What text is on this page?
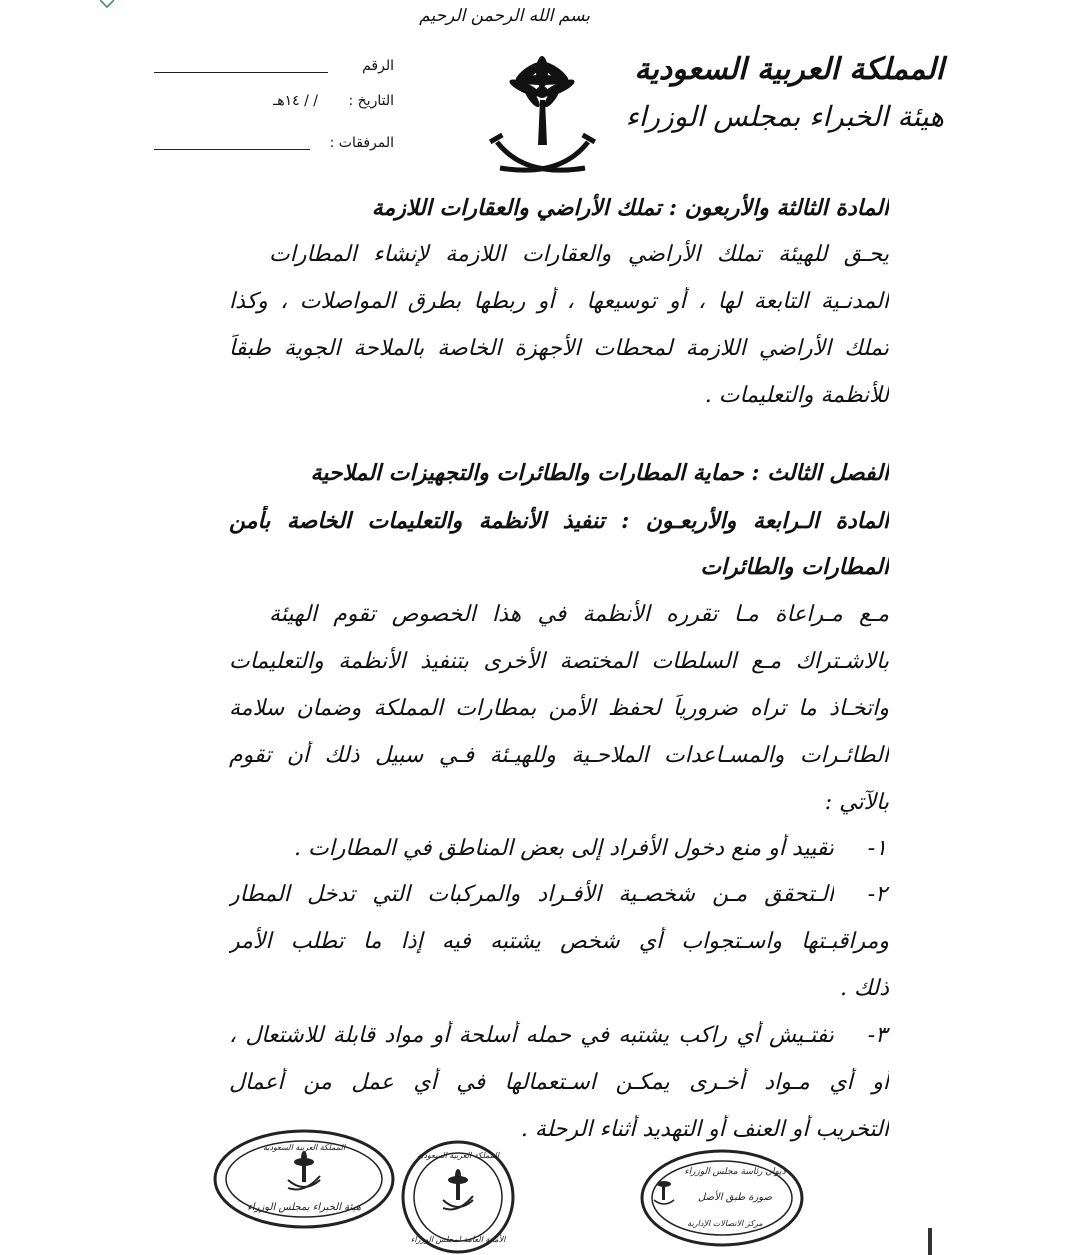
بسم الله الرحمن الرحيم
المملكة العربية السعودية
هيئة الخبراء بمجلس الوزراء
الرقم
التاريخ :
/ / ١٤هـ
المرفقات :
المادة الثالثة والأربعون : تملك الأراضي والعقارات اللازمة
يحـق للهيئة تملك الأراضي والعقارات اللازمة لإنشاء المطارات
المدنـية التابعة لها ، أو توسيعها ، أو ربطها بطرق المواصلات ، وكذا
تملك الأراضي اللازمة لمحطات الأجهزة الخاصة بالملاحة الجوية طبقاً
للأنظمة والتعليمات .
الفصل الثالث : حماية المطارات والطائرات والتجهيزات الملاحية
المادة الـرابعة والأربعـون : تنفيذ الأنظمة والتعليمات الخاصة بأمن
المطارات والطائرات
مـع مـراعاة مـا تقرره الأنظمة في هذا الخصوص تقوم الهيئة
بالاشـتراك مـع السلطات المختصة الأخرى بتنفيذ الأنظمة والتعليمات
واتخـاذ ما تراه ضرورياً لحفظ الأمن بمطارات المملكة وضمان سلامة
الطائـرات والمسـاعدات الملاحـية وللهيـئة فـي سبيل ذلك أن تقوم
بالآتي :
١-
تقييد أو منع دخول الأفراد إلى بعض المناطق في المطارات .
٢-
الـتحقق مـن شخصـية الأفـراد والمركبات التي تدخل المطار
ومراقبـتها واسـتجواب أي شخص يشتبه فيه إذا ما تطلب الأمر
ذلك .
٣-
تفتـيش أي راكب يشتبه في حمله أسلحة أو مواد قابلة للاشتعال ،
أو أي مـواد أخـرى يمكـن اسـتعمالها في أي عمل من أعمال
التخريب أو العنف أو التهديد أثناء الرحلة .
هيئة الخبراء بمجلس الوزراء
المملكة العربية السعودية
المملكة العربية السعودية
الأمانة العامة لمجلس الوزراء
ديوان رئاسة مجلس الوزراء
صورة طبق الأصل
مركز الاتصالات الإدارية
